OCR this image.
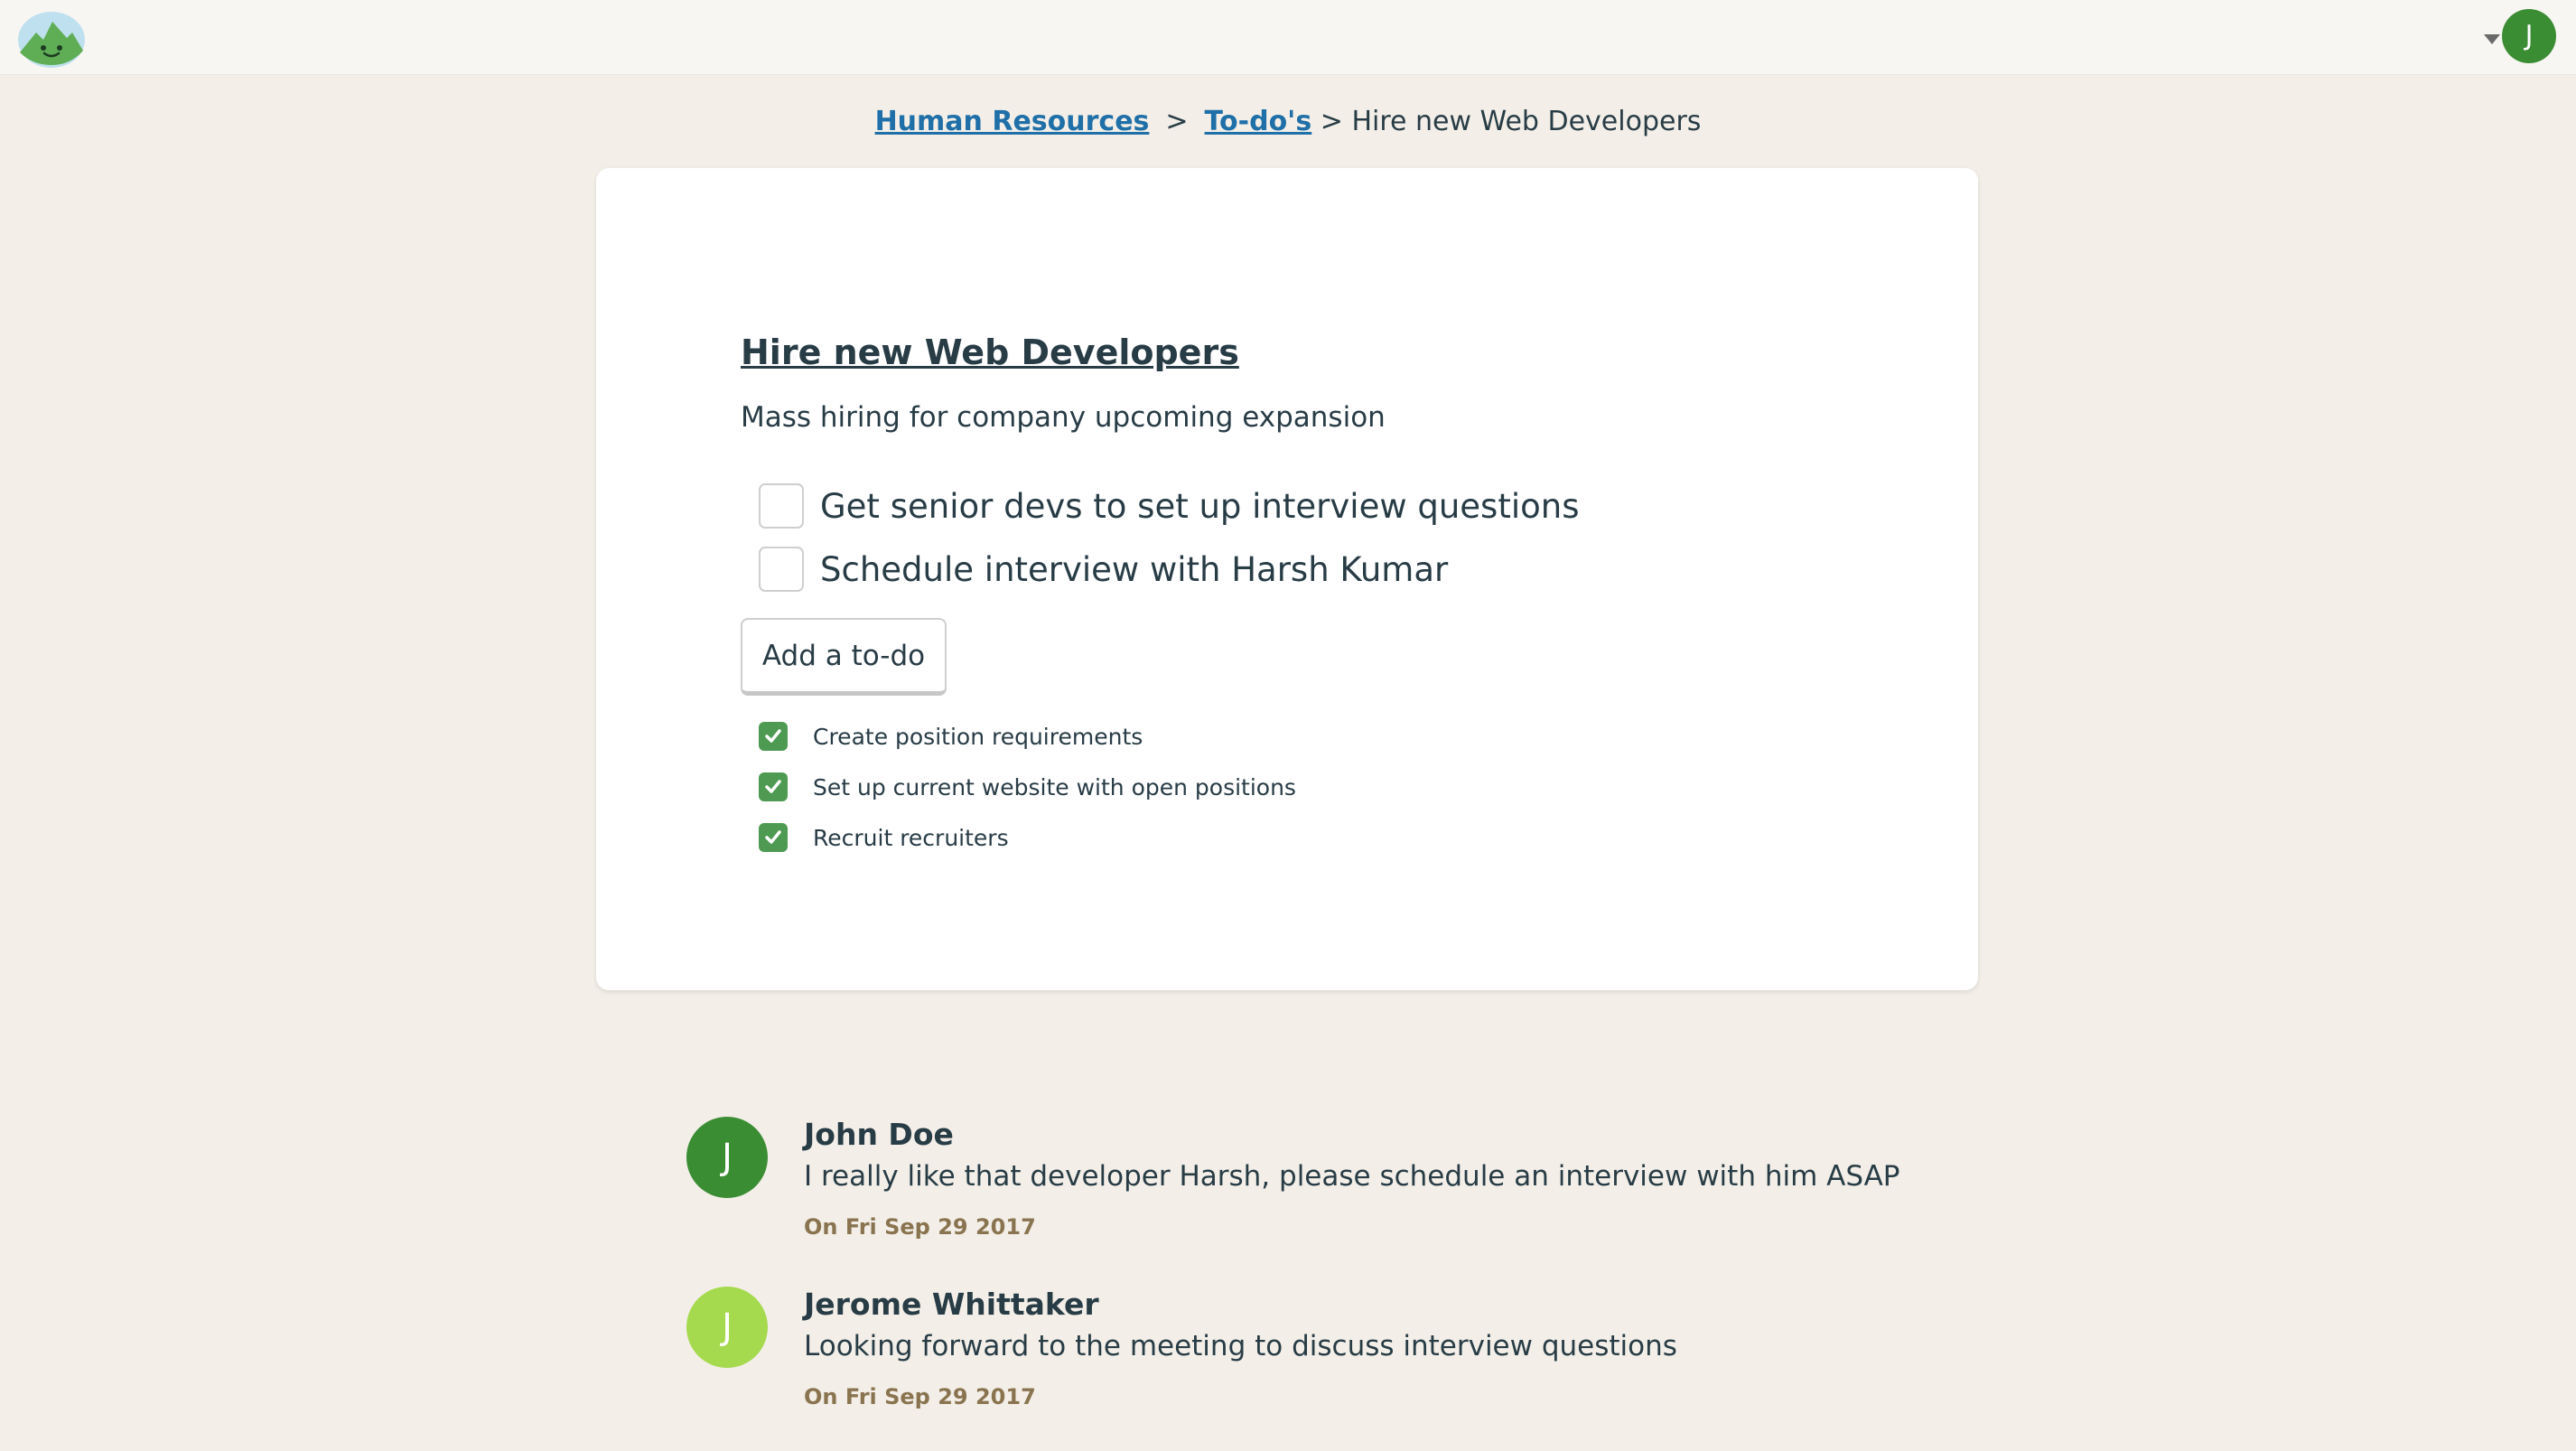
J
Human Resources > To-do's > Hire new Web Developers
Hire new Web Developers
Mass hiring for company upcoming expansion
Get senior devs to set up interview questions
Schedule interview with Harsh Kumar
Add a to-do
Create position requirements
Set up current website with open positions
Recruit recruiters
J
John Doe
I really like that developer Harsh, please schedule an interview with him ASAP
On Fri Sep 29 2017
J
Jerome Whittaker
Looking forward to the meeting to discuss interview questions
On Fri Sep 29 2017
